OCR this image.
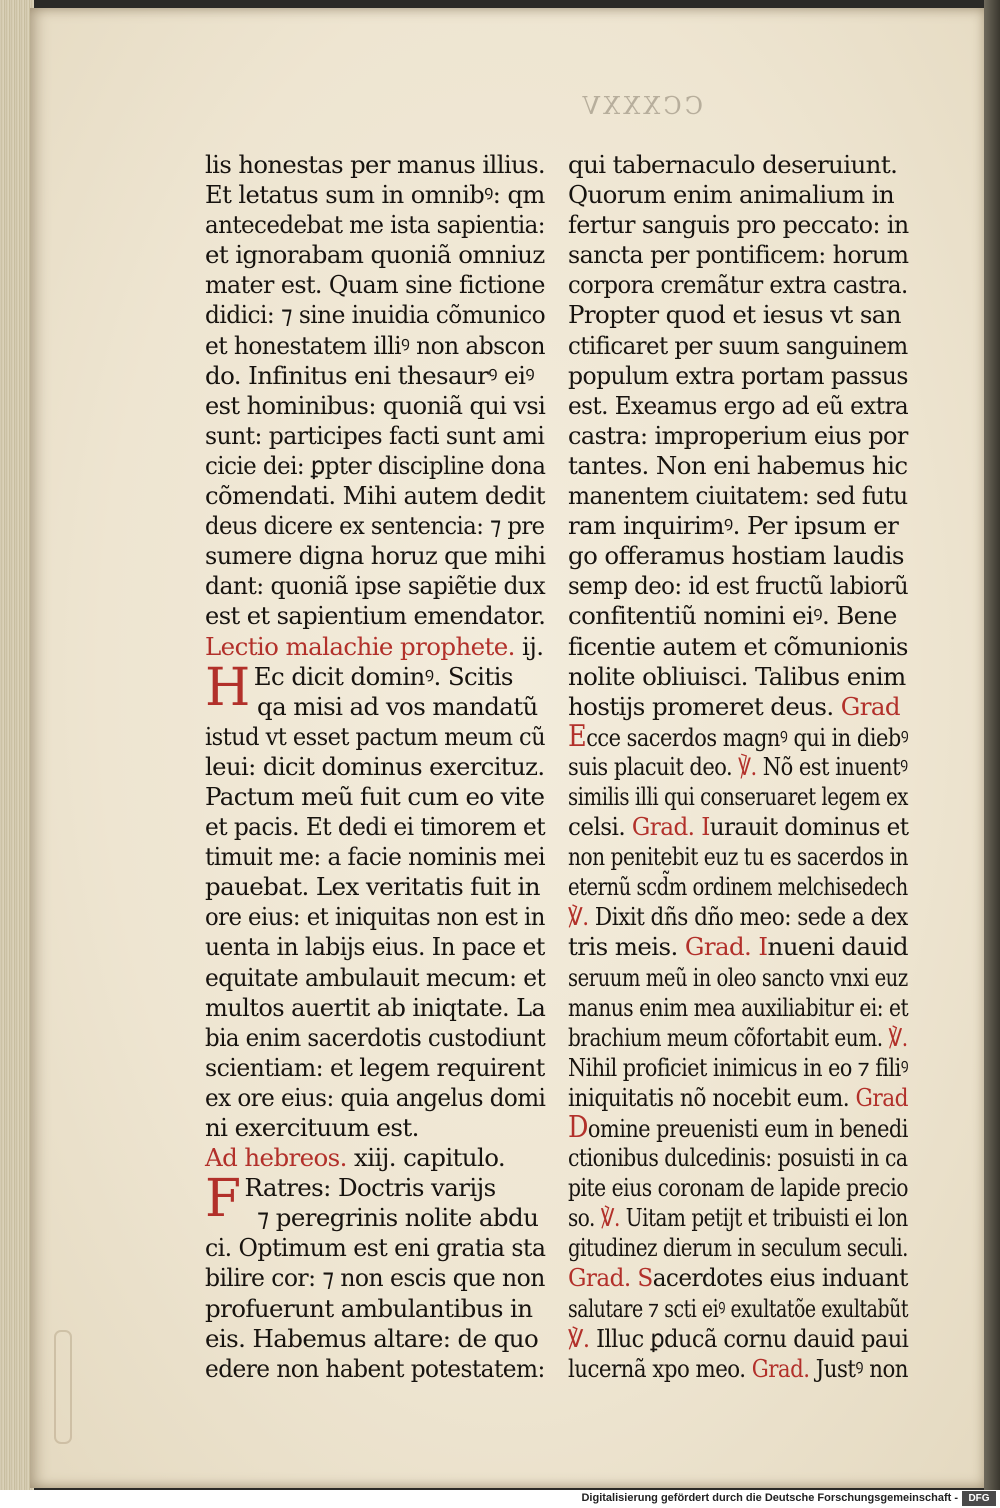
CCXXXV
lis honestas per manus illius.
Et letatus sum in omnibꝰ: qm
antecedebat me ista sapientia:
et ignorabam quoniã omniuz
mater est. Quam sine fictione
didici: ⁊ sine inuidia cõmunico
et honestatem illiꝰ non abscon
do. Infinitus eni thesaurꝰ eiꝰ
est hominibus: quoniã qui vsi
sunt: participes facti sunt ami
cicie dei: ꝑpter discipline dona
cõmendati. Mihi autem dedit
deus dicere ex sentencia: ⁊ pre
sumere digna horuz que mihi
dant: quoniã ipse sapiẽtie dux
est et sapientium emendator.
Lectio malachie prophete. ij.
H Ec dicit dominꝰ. Scitis
qa misi ad vos mandatũ
istud vt esset pactum meum cũ
leui: dicit dominus exercituz.
Pactum meũ fuit cum eo vite
et pacis. Et dedi ei timorem et
timuit me: a facie nominis mei
pauebat. Lex veritatis fuit in
ore eius: et iniquitas non est in
uenta in labijs eius. In pace et
equitate ambulauit mecum: et
multos auertit ab iniqtate. La
bia enim sacerdotis custodiunt
scientiam: et legem requirent
ex ore eius: quia angelus domi
ni exercituum est.
Ad hebreos. xiij. capitulo.
F Ratres: Doctris varijs
⁊ peregrinis nolite abdu
ci. Optimum est eni gratia sta
bilire cor: ⁊ non escis que non
profuerunt ambulantibus in
eis. Habemus altare: de quo
edere non habent potestatem:
qui tabernaculo deseruiunt.
Quorum enim animalium in
fertur sanguis pro peccato: in
sancta per pontificem: horum
corpora cremãtur extra castra.
Propter quod et iesus vt san
ctificaret per suum sanguinem
populum extra portam passus
est. Exeamus ergo ad eũ extra
castra: improperium eius por
tantes. Non eni habemus hic
manentem ciuitatem: sed futu
ram inquirimꝰ. Per ipsum er
go offeramus hostiam laudis
semp deo: id est fructũ labiorũ
confitentiũ nomini eiꝰ. Bene
ficentie autem et cõmunionis
nolite obliuisci. Talibus enim
hostijs promeret deus. Grad
Ecce sacerdos magnꝰ qui in diebꝰ
suis placuit deo. ℣. Nõ est inuentꝰ
similis illi qui conseruaret legem ex
celsi. Grad. Iurauit dominus et
non penitebit euz tu es sacerdos in
eternũ scd̃m ordinem melchisedech
℣. Dixit dñs dño meo: sede a dex
tris meis. Grad. Inueni dauid
seruum meũ in oleo sancto vnxi euz
manus enim mea auxiliabitur ei: et
brachium meum cõfortabit eum. ℣.
Nihil proficiet inimicus in eo ⁊ filiꝰ
iniquitatis nõ nocebit eum. Grad
Domine preuenisti eum in benedi
ctionibus dulcedinis: posuisti in ca
pite eius coronam de lapide precio
so. ℣. Uitam petijt et tribuisti ei lon
gitudinez dierum in seculum seculi.
Grad. Sacerdotes eius induant
salutare ⁊ scti eiꝰ exultatõe exultabũt
℣. Illuc ꝑducã cornu dauid paui
lucernã xpo meo. Grad. Justꝰ non
Digitalisierung gefördert durch die Deutsche Forschungsgemeinschaft -	DFG
